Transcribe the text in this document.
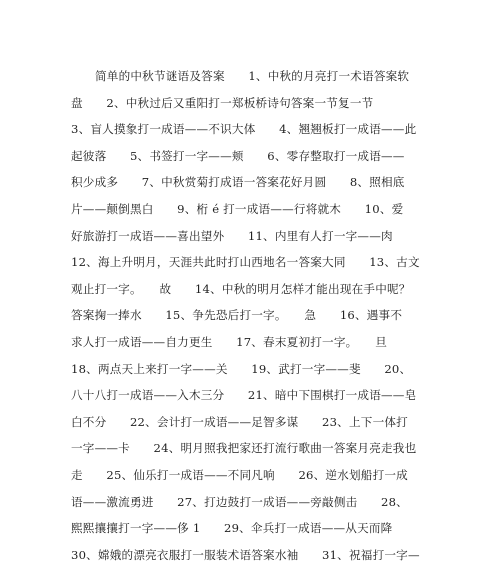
简单的中秋节谜语及答案　　1、中秋的月亮打一术语答案软
盘　　2、中秋过后又重阳打一郑板桥诗句答案一节复一节
3、盲人摸象打一成语——不识大体　　4、翘翘板打一成语——此
起彼落　　5、书签打一字——颊　　6、零存整取打一成语——
积少成多　　7、中秋赏菊打成语一答案花好月圆　　8、照相底
片——颠倒黑白　　9、桁 é 打一成语——行将就木　　10、爱
好旅游打一成语——喜出望外　　11、内里有人打一字——肉
12、海上升明月，天涯共此时打山西地名一答案大同　　13、古文
观止打一字。　　故　　14、中秋的明月怎样才能出现在手中呢？
答案掬一捧水　　15、争先恐后打一字。　　急　　16、遇事不
求人打一成语——自力更生　　17、春末夏初打一字。　　旦
18、两点天上来打一字——关　　19、武打一字——斐　　20、
八十八打一成语——入木三分　　21、暗中下围棋打一成语——皂
白不分　　22、会计打一成语——足智多谋　　23、上下一体打
一字——卡　　24、明月照我把家还打流行歌曲一答案月亮走我也
走　　25、仙乐打一成语——不同凡响　　26、逆水划船打一成
语——激流勇进　　27、打边鼓打一成语——旁敲侧击　　28、
熙熙攘攘打一字——侈 1　　29、伞兵打一成语——从天而降
30、嫦娥的漂亮衣服打一服装术语答案水袖　　31、祝福打一字—
